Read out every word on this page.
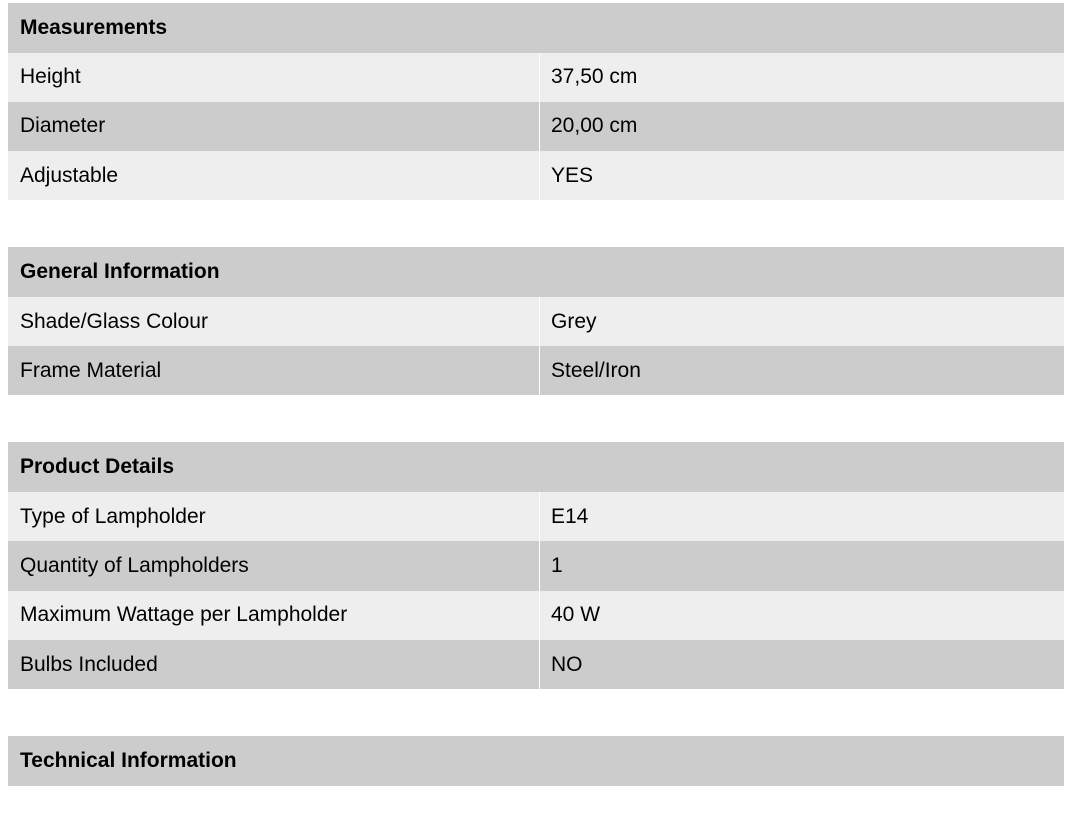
Measurements
Height	37,50 cm
Diameter	20,00 cm
Adjustable	YES
General Information
Shade/Glass Colour	Grey
Frame Material	Steel/Iron
Product Details
Type of Lampholder	E14
Quantity of Lampholders	1
Maximum Wattage per Lampholder	40 W
Bulbs Included	NO
Technical Information
